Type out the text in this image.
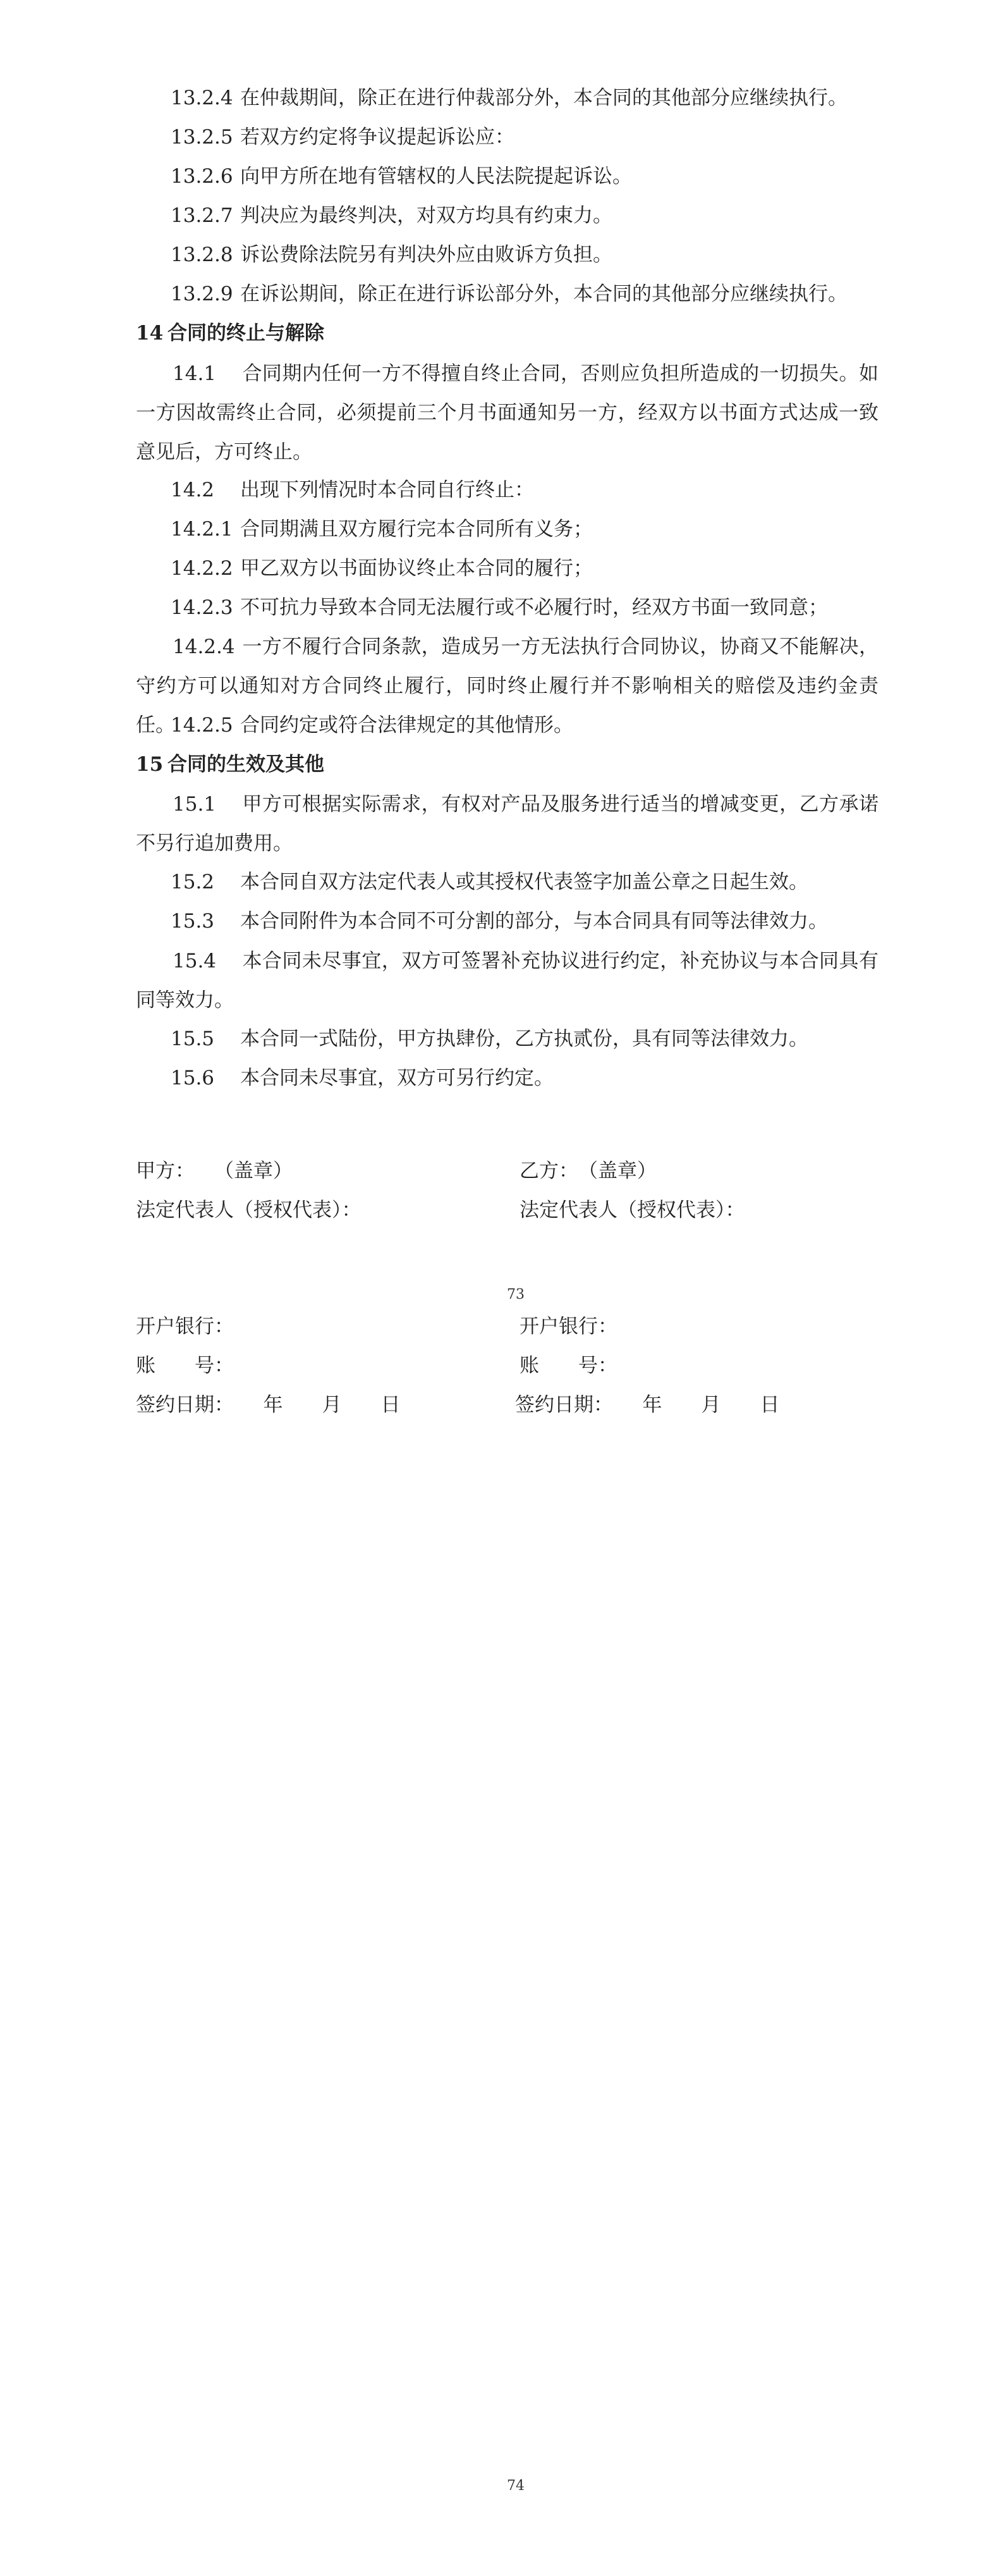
13.2.4 在仲裁期间，除正在进行仲裁部分外，本合同的其他部分应继续执行。
13.2.5 若双方约定将争议提起诉讼应：
13.2.6 向甲方所在地有管辖权的人民法院提起诉讼。
13.2.7 判决应为最终判决，对双方均具有约束力。
13.2.8 诉讼费除法院另有判决外应由败诉方负担。
13.2.9 在诉讼期间，除正在进行诉讼部分外，本合同的其他部分应继续执行。
14 合同的终止与解除
14.1 合同期内任何一方不得擅自终止合同，否则应负担所造成的一切损失。如一方因故需终止合同，必须提前三个月书面通知另一方，经双方以书面方式达成一致意见后，方可终止。
14.2 出现下列情况时本合同自行终止：
14.2.1 合同期满且双方履行完本合同所有义务；
14.2.2 甲乙双方以书面协议终止本合同的履行；
14.2.3 不可抗力导致本合同无法履行或不必履行时，经双方书面一致同意；
14.2.4 一方不履行合同条款，造成另一方无法执行合同协议，协商又不能解决，守约方可以通知对方合同终止履行，同时终止履行并不影响相关的赔偿及违约金责任。
14.2.5 合同约定或符合法律规定的其他情形。
15 合同的生效及其他
15.1 甲方可根据实际需求，有权对产品及服务进行适当的增减变更，乙方承诺不另行追加费用。
15.2 本合同自双方法定代表人或其授权代表签字加盖公章之日起生效。
15.3 本合同附件为本合同不可分割的部分，与本合同具有同等法律效力。
15.4 本合同未尽事宜，双方可签署补充协议进行约定，补充协议与本合同具有同等效力。
15.5 本合同一式陆份，甲方执肆份，乙方执贰份，具有同等法律效力。
15.6 本合同未尽事宜，双方可另行约定。
甲方：　　（盖章）	乙方：　（盖章）
法定代表人（授权代表）：	法定代表人（授权代表）：
73
开户银行：	开户银行：
账　　号：	账　　号：
签约日期：　　年　　月　　日	签约日期：　　年　　月　　日
74
